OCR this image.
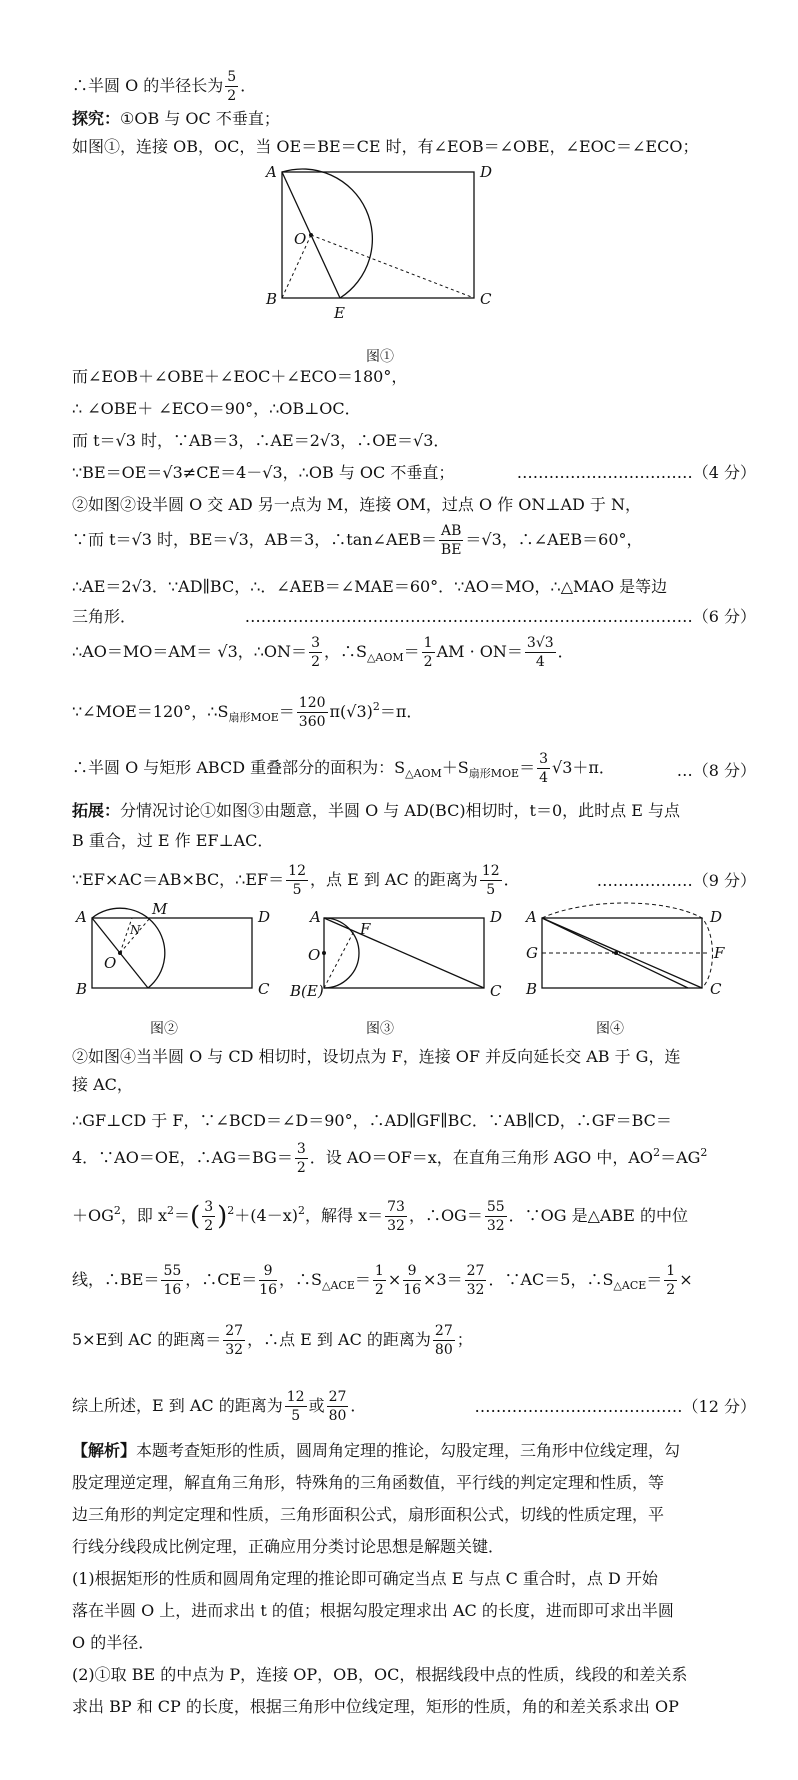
∴半圆 O 的半径长为 $\frac{5}{2}$ ．
探究：①OB 与 OC 不垂直；
如图①，连接 OB，OC，当 OE＝BE＝CE 时，有∠EOB＝∠OBE，∠EOC＝∠ECO；
A	D
B	C
E
O
图①
而∠EOB＋∠OBE＋∠EOC＋∠ECO＝180°，
∴ ∠OBE＋ ∠ECO＝90°，∴OB⊥OC．
而 t＝√3 时，∵AB＝3，∴AE＝2√3，∴OE＝√3．
∵BE＝OE＝√3≠CE＝4－√3，∴OB 与 OC 不垂直；	……………………………（4 分）
②如图②设半圆 O 交 AD 另一点为 M，连接 OM，过点 O 作 ON⊥AD 于 N，
∵而 t＝√3 时，BE＝√3，AB＝3，∴tan∠AEB＝ $\frac{AB}{BE} =√3$，∴∠AEB＝60°，
∴AE＝2√3．∵AD∥BC，∴．∠AEB＝∠MAE＝60°．∵AO＝MO，∴△MAO 是等边
三角形．	…………………………………………………………………………（6 分）
∴AO＝MO＝AM＝ √3，∴ON＝ $\frac{3}{2}$ ，$\therefore S_{\triangle AOM}= \frac{1}{2}$ AM · $ON= \frac{3√3}{4}$ ．
∵∠MOE＝120°，$\therefore S_{扇形MOE}= \frac{120}{360} \pi(√3)^2=\pi$．
∴半圆 O 与矩形 ABCD 重叠部分的面积为：$S_{\triangle AOM}+S_{扇形MOE}= \frac{3}{4} √3+\pi$．	…（8 分）
拓展：分情况讨论①如图③由题意，半圆 O 与 AD(BC)相切时，t＝0，此时点 E 与点
B 重合，过 E 作 EF⊥AC．
∵EF×AC＝AB×BC，∴EF＝ $\frac{12}{5}$ ，点 E 到 AC 的距离为 $\frac{12}{5}$ ．	………………（9 分）
A	D
B	C
O
M
N
图②
A	D
B(E)	C
O
F
图③
A	D
G	F
B	C
图④
②如图④当半圆 O 与 CD 相切时，设切点为 F，连接 OF 并反向延长交 AB 于 G，连
接 AC，
∴GF⊥CD 于 F，∵∠BCD＝∠D＝90°，∴AD∥GF∥BC．∵AB∥CD，∴GF＝BC＝
4．∵AO＝OE，∴AG＝BG＝ $\frac{3}{2}$ ．设 AO＝OF＝x，在直角三角形 AGO 中，$AO^2=AG^2$
$+OG^2$，即 $x^2=( \frac{3}{2} )^2+(4-x)^2$，解得 $x= \frac{73}{32}$ ，∴OG＝ $\frac{55}{32}$ ．∵OG 是△ABE 的中位
线，∴BE＝ $\frac{55}{16}$ ，∴CE＝ $\frac{9}{16}$ ，$\therefore S_{\triangle ACE}= \frac{1}{2} \times \frac{9}{16} \times 3= \frac{27}{32}$ ．∵AC＝5，$\therefore S_{\triangle ACE}= \frac{1}{2}$ ×
5×E到 AC 的距离＝ $\frac{27}{32}$ ，∴点 E 到 AC 的距离为 $\frac{27}{80}$ ；
综上所述，E 到 AC 的距离为 $\frac{12}{5}$ 或 $\frac{27}{80}$ ．	…………………………………（12 分）
【解析】本题考查矩形的性质，圆周角定理的推论，勾股定理，三角形中位线定理，勾
股定理逆定理，解直角三角形，特殊角的三角函数值，平行线的判定定理和性质，等
边三角形的判定定理和性质，三角形面积公式，扇形面积公式，切线的性质定理，平
行线分线段成比例定理，正确应用分类讨论思想是解题关键．
(1)根据矩形的性质和圆周角定理的推论即可确定当点 E 与点 C 重合时，点 D 开始
落在半圆 O 上，进而求出 t 的值；根据勾股定理求出 AC 的长度，进而即可求出半圆
O 的半径．
(2)①取 BE 的中点为 P，连接 OP，OB，OC，根据线段中点的性质，线段的和差关系
求出 BP 和 CP 的长度，根据三角形中位线定理，矩形的性质，角的和差关系求出 OP
